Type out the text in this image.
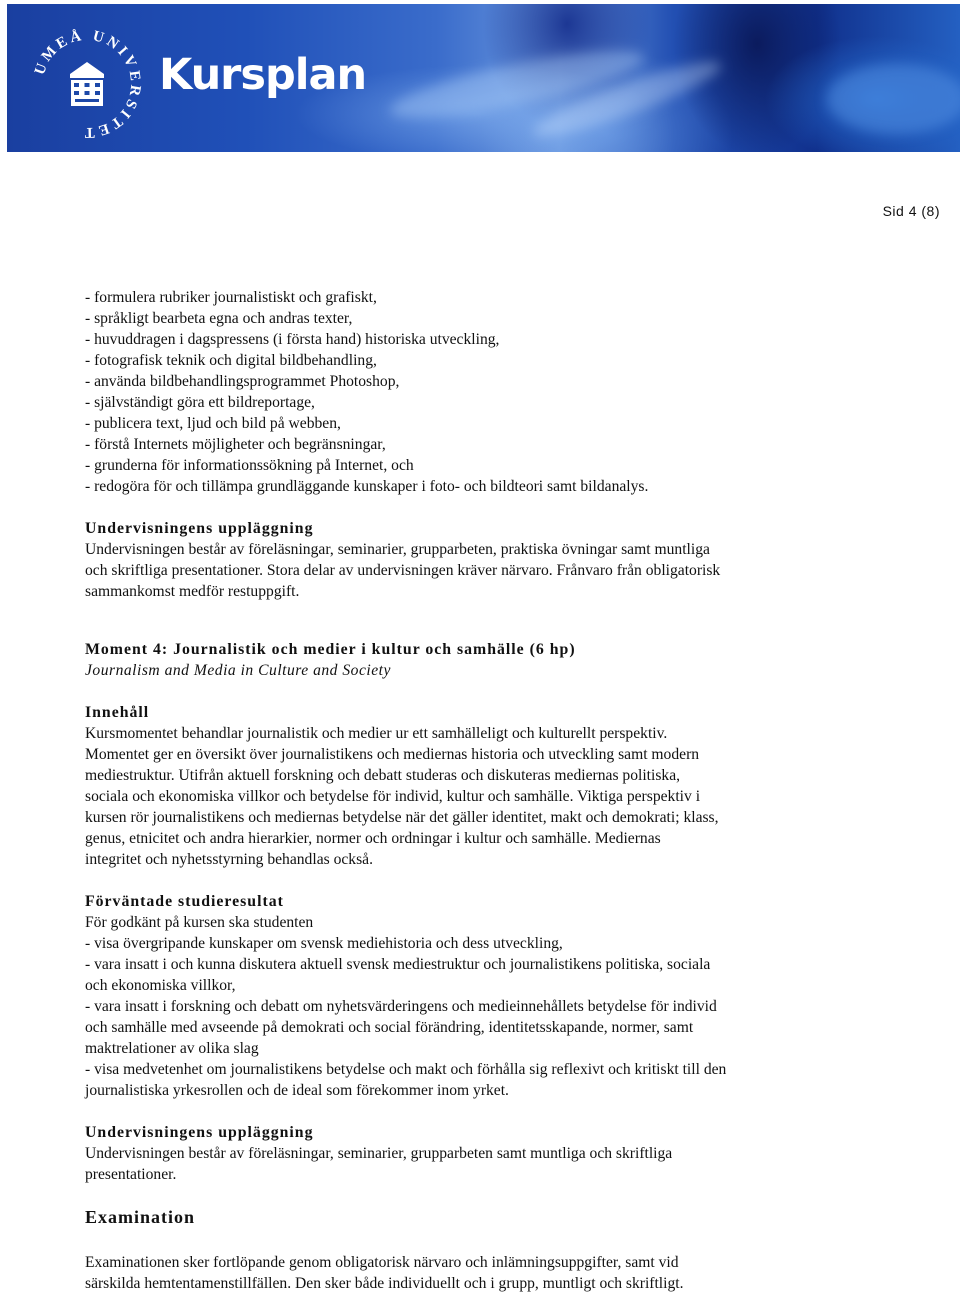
UMEÅ UNIVERSITET
Kursplan
Sid 4 (8)

- formulera rubriker journalistiskt och grafiskt,

- språkligt bearbeta egna och andras texter,

- huvuddragen i dagspressens (i första hand) historiska utveckling,

- fotografisk teknik och digital bildbehandling,

- använda bildbehandlingsprogrammet Photoshop,

- självständigt göra ett bildreportage,

- publicera text, ljud och bild på webben,

- förstå Internets möjligheter och begränsningar,

- grunderna för informationssökning på Internet, och

- redogöra för och tillämpa grundläggande kunskaper i foto- och bildteori samt bildanalys.

Undervisningens uppläggning

Undervisningen består av föreläsningar, seminarier, grupparbeten, praktiska övningar samt muntliga

och skriftliga presentationer. Stora delar av undervisningen kräver närvaro. Frånvaro från obligatorisk

sammankomst medför restuppgift.

Moment 4: Journalistik och medier i kultur och samhälle (6 hp)

Journalism and Media in Culture and Society

Innehåll

Kursmomentet behandlar journalistik och medier ur ett samhälleligt och kulturellt perspektiv.

Momentet ger en översikt över journalistikens och mediernas historia och utveckling samt modern

mediestruktur. Utifrån aktuell forskning och debatt studeras och diskuteras mediernas politiska,

sociala och ekonomiska villkor och betydelse för individ, kultur och samhälle. Viktiga perspektiv i

kursen rör journalistikens och mediernas betydelse när det gäller identitet, makt och demokrati; klass,

genus, etnicitet och andra hierarkier, normer och ordningar i kultur och samhälle. Mediernas

integritet och nyhetsstyrning behandlas också.

Förväntade studieresultat

För godkänt på kursen ska studenten

- visa övergripande kunskaper om svensk mediehistoria och dess utveckling,

- vara insatt i och kunna diskutera aktuell svensk mediestruktur och journalistikens politiska, sociala

och ekonomiska villkor,

- vara insatt i forskning och debatt om nyhetsvärderingens och medieinnehållets betydelse för individ

och samhälle med avseende på demokrati och social förändring, identitetsskapande, normer, samt

maktrelationer av olika slag

- visa medvetenhet om journalistikens betydelse och makt och förhålla sig reflexivt och kritiskt till den

journalistiska yrkesrollen och de ideal som förekommer inom yrket.

Undervisningens uppläggning

Undervisningen består av föreläsningar, seminarier, grupparbeten samt muntliga och skriftliga

presentationer.

Examination

Examinationen sker fortlöpande genom obligatorisk närvaro och inlämningsuppgifter, samt vid

särskilda hemtentamenstillfällen. Den sker både individuellt och i grupp, muntligt och skriftligt.
